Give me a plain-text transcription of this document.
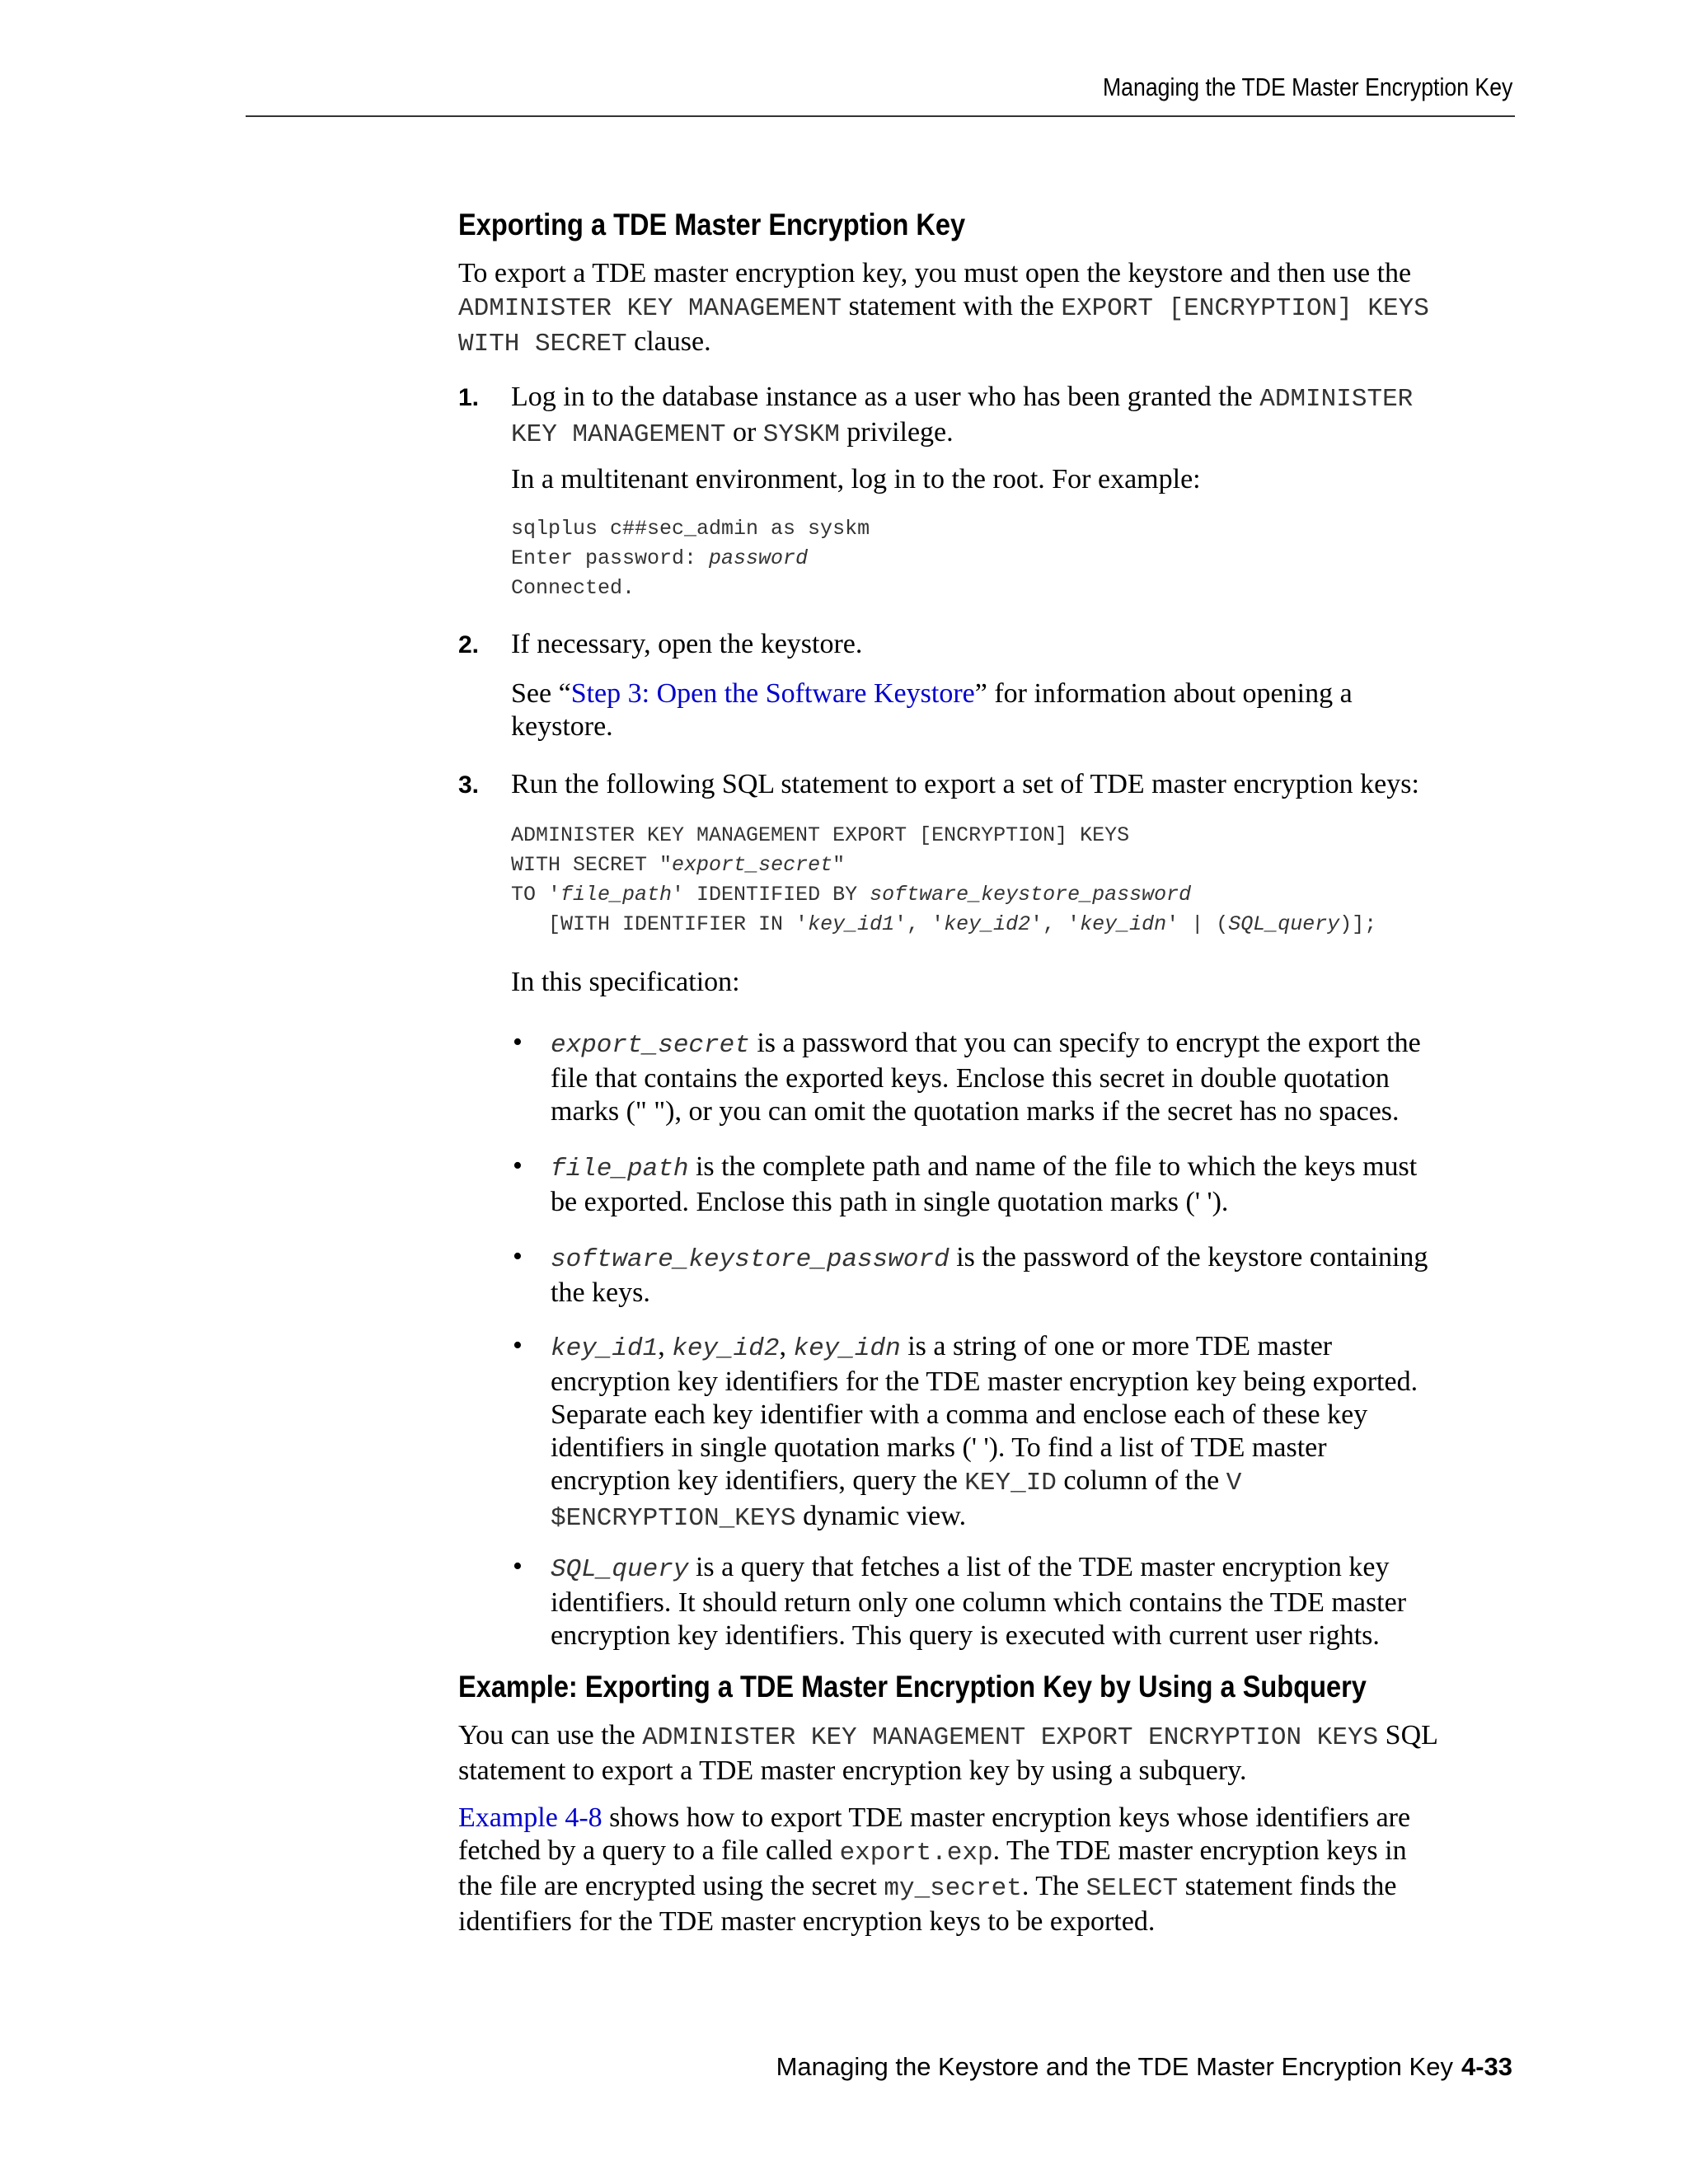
Managing the TDE Master Encryption Key
Exporting a TDE Master Encryption Key
To export a TDE master encryption key, you must open the keystore and then use the
ADMINISTER KEY MANAGEMENT statement with the EXPORT [ENCRYPTION] KEYS
WITH SECRET clause.
1. Log in to the database instance as a user who has been granted the ADMINISTER
KEY MANAGEMENT or SYSKM privilege.
In a multitenant environment, log in to the root. For example:
sqlplus c##sec_admin as syskm
Enter password: password
Connected.
2. If necessary, open the keystore.
See “Step 3: Open the Software Keystore” for information about opening a
keystore.
3. Run the following SQL statement to export a set of TDE master encryption keys:
ADMINISTER KEY MANAGEMENT EXPORT [ENCRYPTION] KEYS
WITH SECRET "export_secret"
TO 'file_path' IDENTIFIED BY software_keystore_password
[WITH IDENTIFIER IN 'key_id1', 'key_id2', 'key_idn' | (SQL_query)];
In this specification:
• export_secret is a password that you can specify to encrypt the export the
file that contains the exported keys. Enclose this secret in double quotation
marks (" "), or you can omit the quotation marks if the secret has no spaces.
• file_path is the complete path and name of the file to which the keys must
be exported. Enclose this path in single quotation marks (' ').
• software_keystore_password is the password of the keystore containing
the keys.
• key_id1, key_id2, key_idn is a string of one or more TDE master
encryption key identifiers for the TDE master encryption key being exported.
Separate each key identifier with a comma and enclose each of these key
identifiers in single quotation marks (' '). To find a list of TDE master
encryption key identifiers, query the KEY_ID column of the V
$ENCRYPTION_KEYS dynamic view.
• SQL_query is a query that fetches a list of the TDE master encryption key
identifiers. It should return only one column which contains the TDE master
encryption key identifiers. This query is executed with current user rights.
Example: Exporting a TDE Master Encryption Key by Using a Subquery
You can use the ADMINISTER KEY MANAGEMENT EXPORT ENCRYPTION KEYS SQL
statement to export a TDE master encryption key by using a subquery.
Example 4-8 shows how to export TDE master encryption keys whose identifiers are
fetched by a query to a file called export.exp. The TDE master encryption keys in
the file are encrypted using the secret my_secret. The SELECT statement finds the
identifiers for the TDE master encryption keys to be exported.
Managing the Keystore and the TDE Master Encryption Key 4-33
